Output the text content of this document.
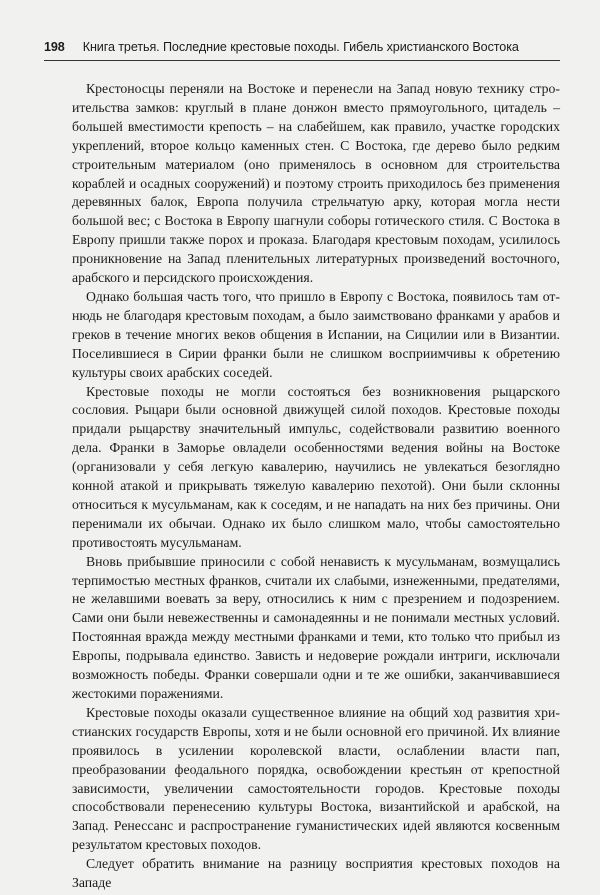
198 Книга третья. Последние крестовые походы. Гибель христианского Востока

Крестоносцы переняли на Востоке и перенесли на Запад новую технику строительства замков: круглый в плане донжон вместо прямоугольного, цитадель – большей вместимости крепость – на слабейшем, как правило, участке городских укреплений, второе кольцо каменных стен. С Востока, где дерево было редким строительным материалом (оно применялось в основном для строительства кораблей и осадных сооружений) и поэтому строить приходилось без применения деревянных балок, Европа получила стрельчатую арку, которая могла нести большой вес; с Востока в Европу шагнули соборы готического стиля. С Востока в Европу пришли также порох и проказа. Благодаря крестовым походам, усилилось проникновение на Запад пленительных литературных произведений восточного, арабского и персидского происхождения.

Однако большая часть того, что пришло в Европу с Востока, появилось там отнюдь не благодаря крестовым походам, а было заимствовано франками у арабов и греков в течение многих веков общения в Испании, на Сицилии или в Византии. Поселившиеся в Сирии франки были не слишком восприимчивы к обретению культуры своих арабских соседей.

Крестовые походы не могли состояться без возникновения рыцарского сословия. Рыцари были основной движущей силой походов. Крестовые походы придали рыцарству значительный импульс, содействовали развитию военного дела. Франки в Заморье овладели особенностями ведения войны на Востоке (организовали у себя легкую кавалерию, научились не увлекаться безоглядно конной атакой и прикрывать тяжелую кавалерию пехотой). Они были склонны относиться к мусульманам, как к соседям, и не нападать на них без причины. Они перенимали их обычаи. Однако их было слишком мало, чтобы самостоятельно противостоять мусульманам.

Вновь прибывшие приносили с собой ненависть к мусульманам, возмущались терпимостью местных франков, считали их слабыми, изнеженными, предателями, не желавшими воевать за веру, относились к ним с презрением и подозрением. Сами они были невежественны и самонадеянны и не понимали местных условий. Постоянная вражда между местными франками и теми, кто только что прибыл из Европы, подрывала единство. Зависть и недоверие рождали интриги, исключали возможность победы. Франки совершали одни и те же ошибки, заканчивавшиеся жестокими поражениями.

Крестовые походы оказали существенное влияние на общий ход развития христианских государств Европы, хотя и не были основной его причиной. Их влияние проявилось в усилении королевской власти, ослаблении власти пап, преобразовании феодального порядка, освобождении крестьян от крепостной зависимости, увеличении самостоятельности городов. Крестовые походы способствовали перенесению культуры Востока, византийской и арабской, на Запад. Ренессанс и распространение гуманистических идей являются косвенным результатом крестовых походов.

Следует обратить внимание на разницу восприятия крестовых походов на Западе
